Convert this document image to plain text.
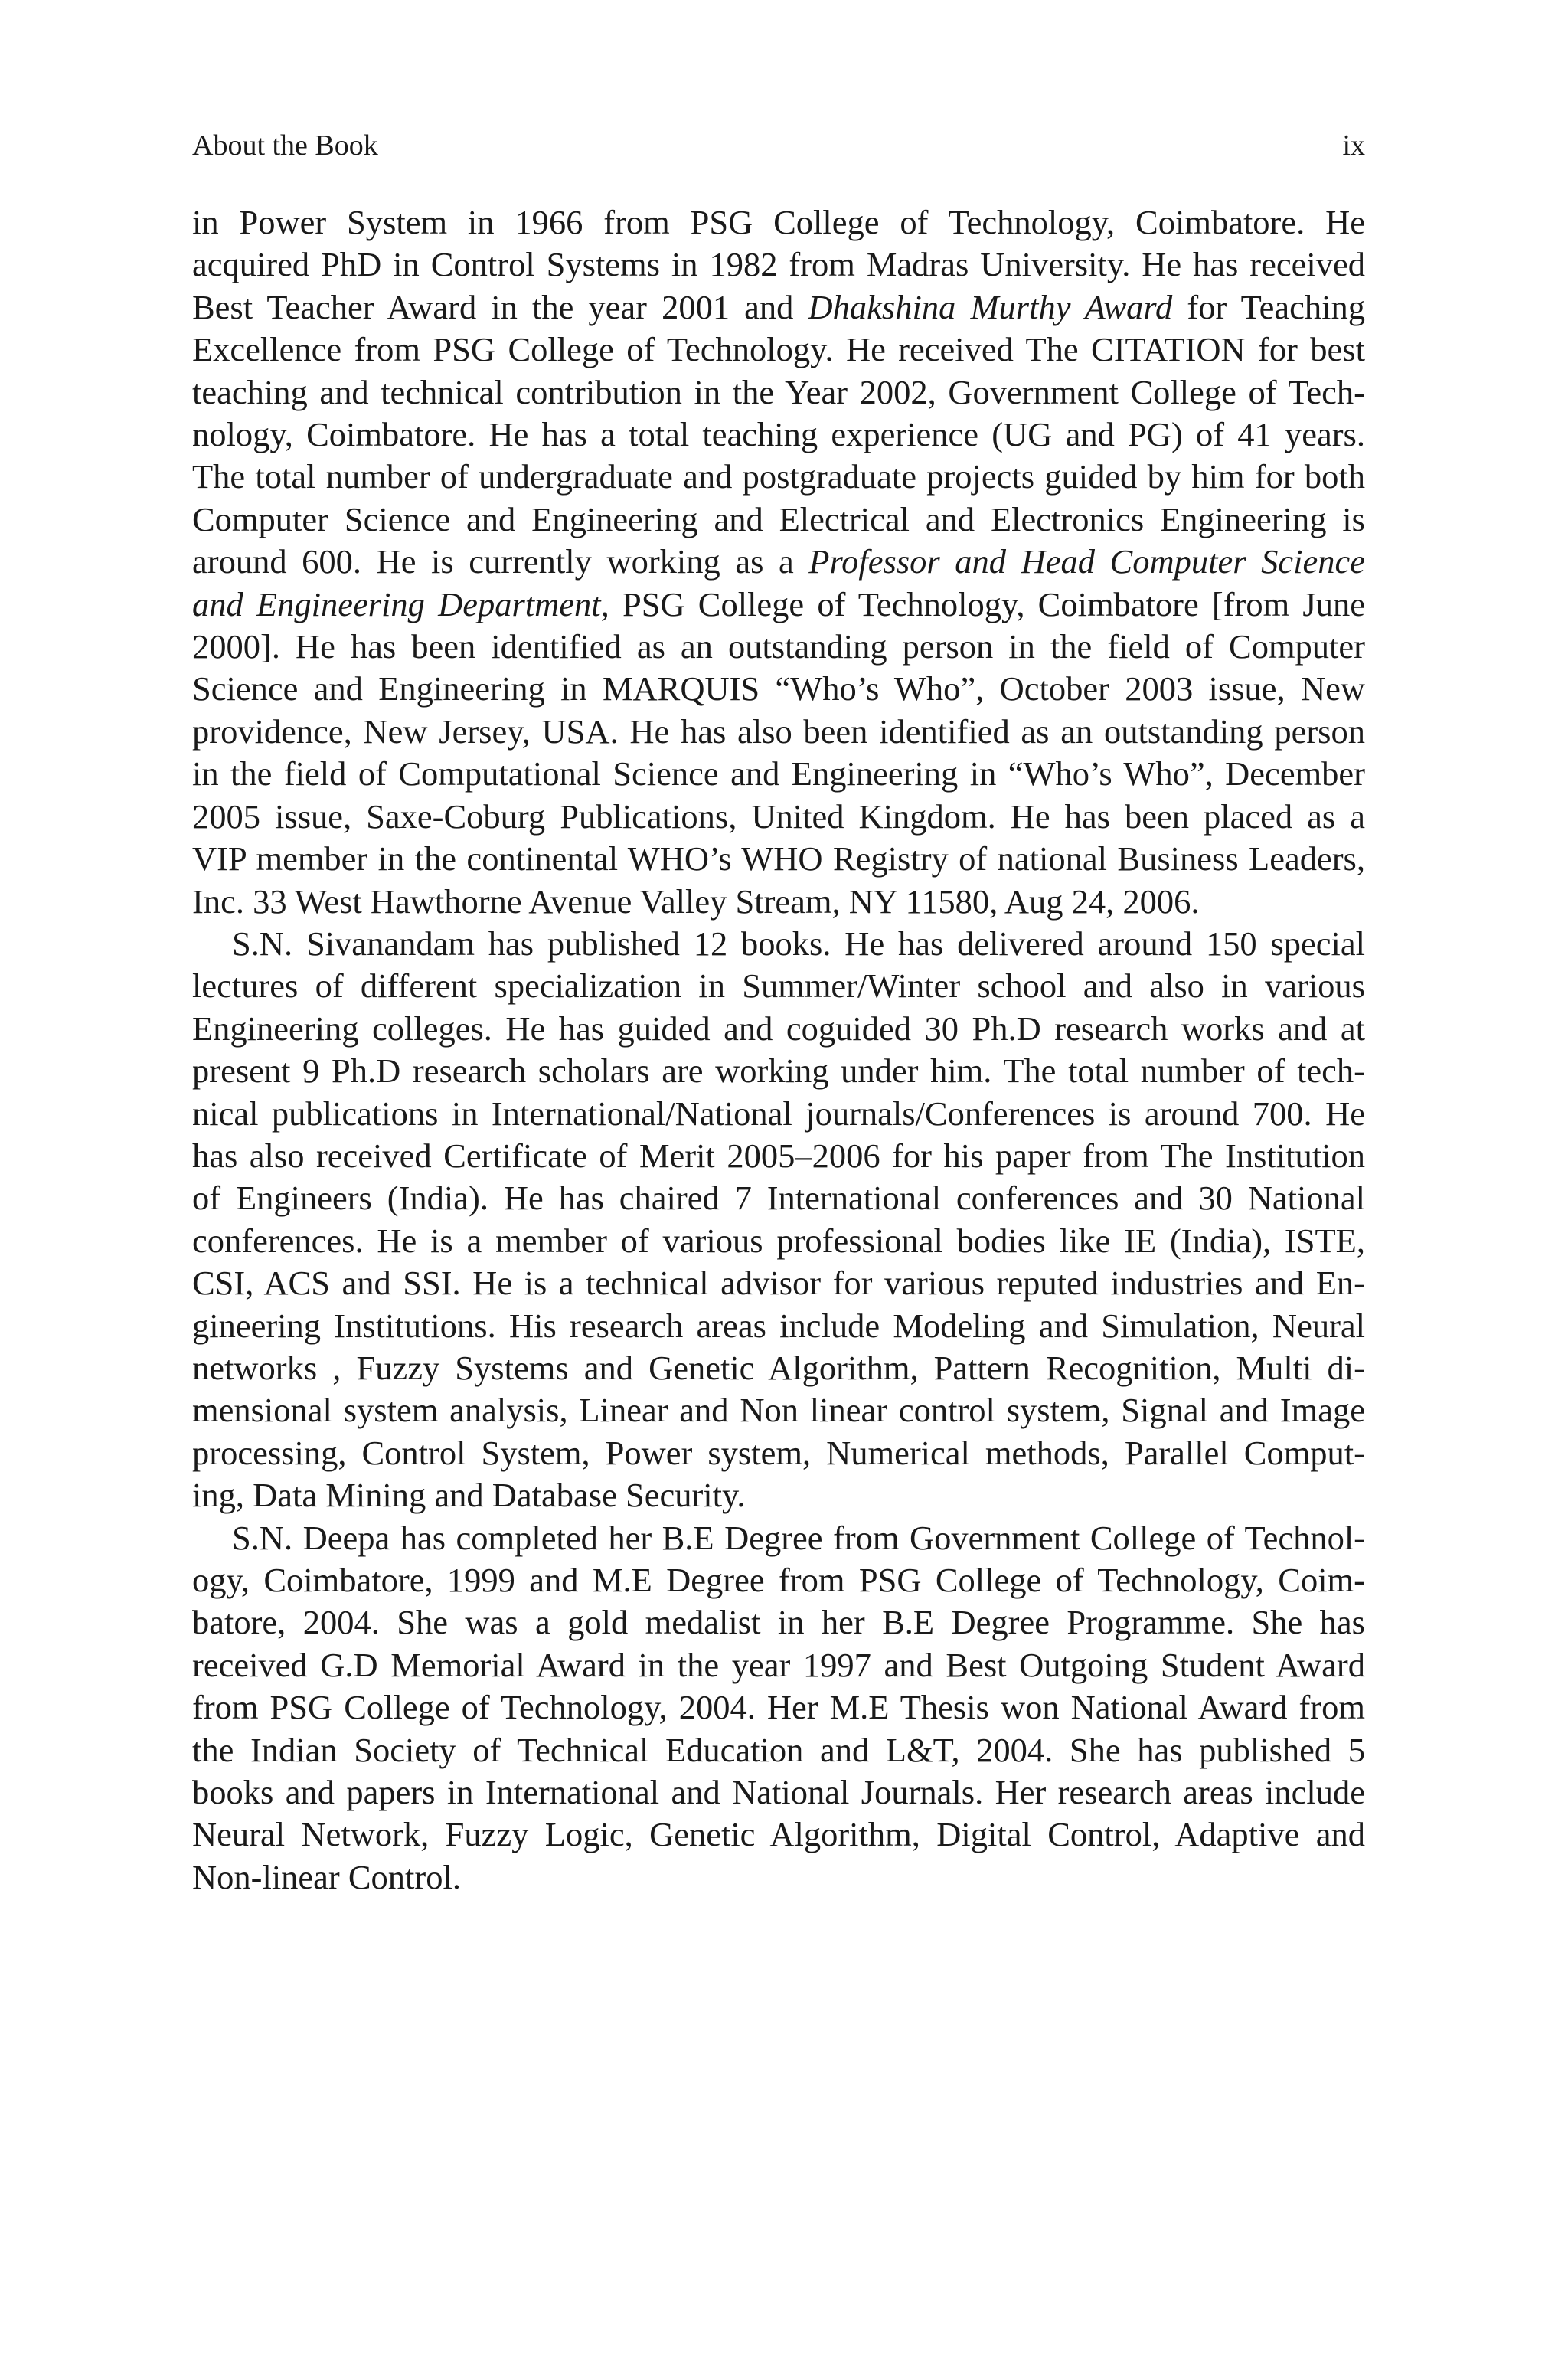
About the Book	ix
in Power System in 1966 from PSG College of Technology, Coimbatore. He
acquired PhD in Control Systems in 1982 from Madras University. He has received
Best Teacher Award in the year 2001 and Dhakshina Murthy Award for Teaching
Excellence from PSG College of Technology. He received The CITATION for best
teaching and technical contribution in the Year 2002, Government College of Tech-
nology, Coimbatore. He has a total teaching experience (UG and PG) of 41 years.
The total number of undergraduate and postgraduate projects guided by him for both
Computer Science and Engineering and Electrical and Electronics Engineering is
around 600. He is currently working as a Professor and Head Computer Science
and Engineering Department, PSG College of Technology, Coimbatore [from June
2000]. He has been identified as an outstanding person in the field of Computer
Science and Engineering in MARQUIS “Who’s Who”, October 2003 issue, New
providence, New Jersey, USA. He has also been identified as an outstanding person
in the field of Computational Science and Engineering in “Who’s Who”, December
2005 issue, Saxe-Coburg Publications, United Kingdom. He has been placed as a
VIP member in the continental WHO’s WHO Registry of national Business Leaders,
Inc. 33 West Hawthorne Avenue Valley Stream, NY 11580, Aug 24, 2006.
S.N. Sivanandam has published 12 books. He has delivered around 150 special
lectures of different specialization in Summer/Winter school and also in various
Engineering colleges. He has guided and coguided 30 Ph.D research works and at
present 9 Ph.D research scholars are working under him. The total number of tech-
nical publications in International/National journals/Conferences is around 700. He
has also received Certificate of Merit 2005–2006 for his paper from The Institution
of Engineers (India). He has chaired 7 International conferences and 30 National
conferences. He is a member of various professional bodies like IE (India), ISTE,
CSI, ACS and SSI. He is a technical advisor for various reputed industries and En-
gineering Institutions. His research areas include Modeling and Simulation, Neural
networks , Fuzzy Systems and Genetic Algorithm, Pattern Recognition, Multi di-
mensional system analysis, Linear and Non linear control system, Signal and Image
processing, Control System, Power system, Numerical methods, Parallel Comput-
ing, Data Mining and Database Security.
S.N. Deepa has completed her B.E Degree from Government College of Technol-
ogy, Coimbatore, 1999 and M.E Degree from PSG College of Technology, Coim-
batore, 2004. She was a gold medalist in her B.E Degree Programme. She has
received G.D Memorial Award in the year 1997 and Best Outgoing Student Award
from PSG College of Technology, 2004. Her M.E Thesis won National Award from
the Indian Society of Technical Education and L&T, 2004. She has published 5
books and papers in International and National Journals. Her research areas include
Neural Network, Fuzzy Logic, Genetic Algorithm, Digital Control, Adaptive and
Non-linear Control.
